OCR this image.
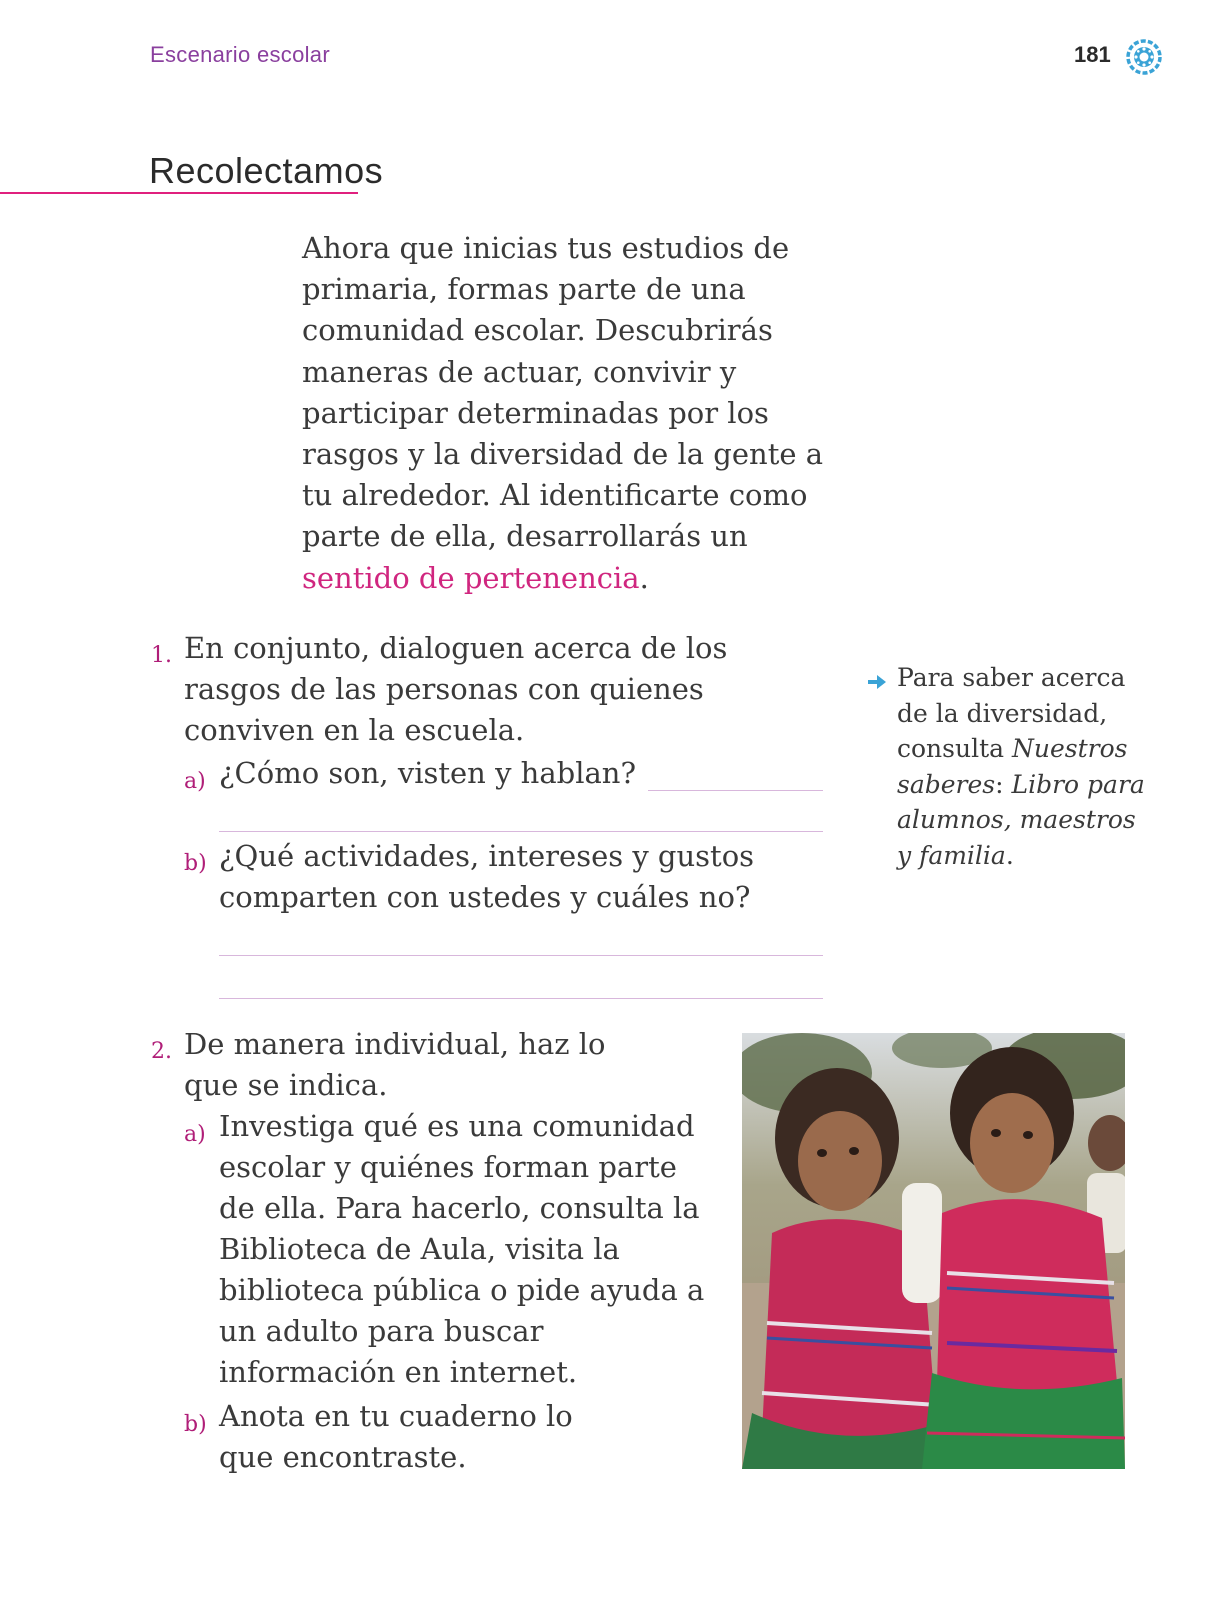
Escenario escolar	181
Recolectamos

Ahora que inicias tus estudios de primaria, formas parte de una comunidad escolar. Descubrirás maneras de actuar, convivir y participar determinadas por los rasgos y la diversidad de la gente a tu alrededor. Al identificarte como parte de ella, desarrollarás un sentido de pertenencia.

1. En conjunto, dialoguen acerca de los rasgos de las personas con quienes conviven en la escuela.

a) ¿Cómo son, visten y hablan?

b) ¿Qué actividades, intereses y gustos comparten con ustedes y cuáles no?

Para saber acerca de la diversidad, consulta Nuestros saberes: Libro para alumnos, maestros y familia.

2. De manera individual, haz lo que se indica.

a) Investiga qué es una comunidad escolar y quiénes forman parte de ella. Para hacerlo, consulta la Biblioteca de Aula, visita la biblioteca pública o pide ayuda a un adulto para buscar información en internet.

b) Anota en tu cuaderno lo que encontraste.
